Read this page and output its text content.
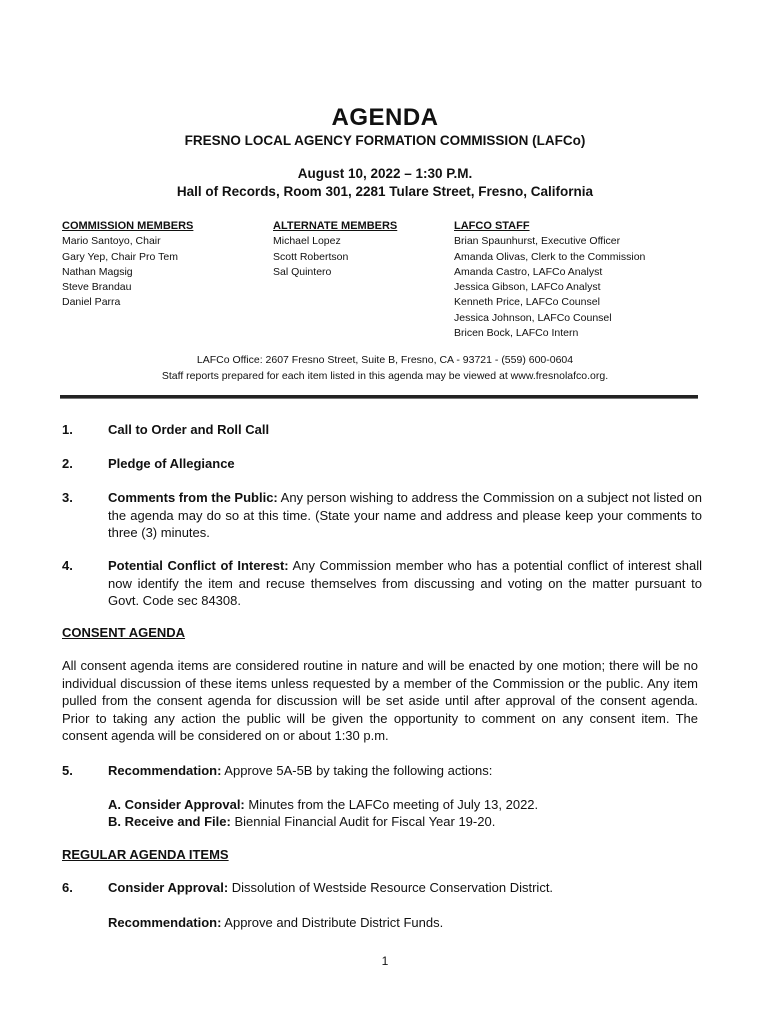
AGENDA
FRESNO LOCAL AGENCY FORMATION COMMISSION (LAFCo)
August 10, 2022 – 1:30 P.M.
Hall of Records, Room 301, 2281 Tulare Street, Fresno, California
COMMISSION MEMBERS
Mario Santoyo, Chair
Gary Yep, Chair Pro Tem
Nathan Magsig
Steve Brandau
Daniel Parra
ALTERNATE MEMBERS
Michael Lopez
Scott Robertson
Sal Quintero
LAFCO STAFF
Brian Spaunhurst, Executive Officer
Amanda Olivas, Clerk to the Commission
Amanda Castro, LAFCo Analyst
Jessica Gibson, LAFCo Analyst
Kenneth Price, LAFCo Counsel
Jessica Johnson, LAFCo Counsel
Bricen Bock, LAFCo Intern
LAFCo Office: 2607 Fresno Street, Suite B, Fresno, CA - 93721 - (559) 600-0604
Staff reports prepared for each item listed in this agenda may be viewed at www.fresnolafco.org.
1.	Call to Order and Roll Call
2.	Pledge of Allegiance
3.	Comments from the Public: Any person wishing to address the Commission on a subject not listed on the agenda may do so at this time. (State your name and address and please keep your comments to three (3) minutes.
4.	Potential Conflict of Interest: Any Commission member who has a potential conflict of interest shall now identify the item and recuse themselves from discussing and voting on the matter pursuant to Govt. Code sec 84308.
CONSENT AGENDA
All consent agenda items are considered routine in nature and will be enacted by one motion; there will be no individual discussion of these items unless requested by a member of the Commission or the public. Any item pulled from the consent agenda for discussion will be set aside until after approval of the consent agenda. Prior to taking any action the public will be given the opportunity to comment on any consent item. The consent agenda will be considered on or about 1:30 p.m.
5.	Recommendation: Approve 5A-5B by taking the following actions:
A. Consider Approval: Minutes from the LAFCo meeting of July 13, 2022.
B. Receive and File: Biennial Financial Audit for Fiscal Year 19-20.
REGULAR AGENDA ITEMS
6.	Consider Approval: Dissolution of Westside Resource Conservation District.
Recommendation: Approve and Distribute District Funds.
1
